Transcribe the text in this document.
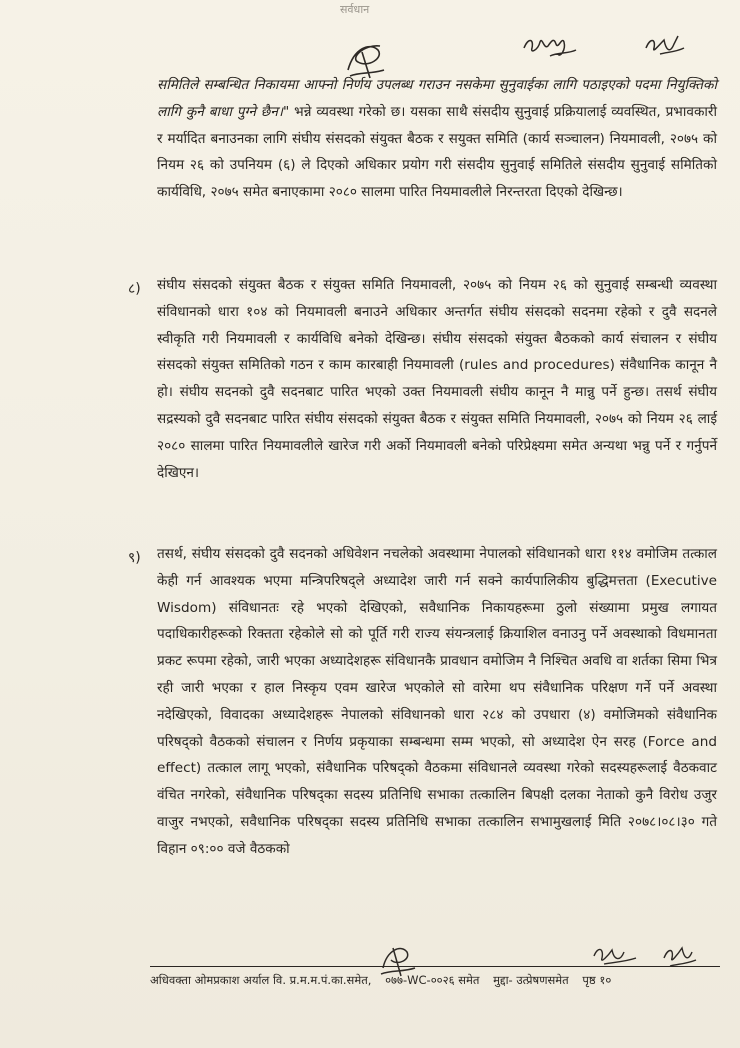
सर्वधान
समितिले सम्बन्धित निकायमा आफ्नो निर्णय उपलब्ध गराउन नसकेमा सुनुवाईका लागि पठाइएको पदमा नियुक्तिको लागि कुनै बाधा पुग्ने छैन।" भन्ने व्यवस्था गरेको छ। यसका साथै संसदीय सुनुवाई प्रक्रियालाई व्यवस्थित, प्रभावकारी र मर्यादित बनाउनका लागि संघीय संसदको संयुक्त बैठक र सयुक्त समिति (कार्य सञ्चालन) नियमावली, २०७५ को नियम २६ को उपनियम (६) ले दिएको अधिकार प्रयोग गरी संसदीय सुनुवाई समितिले संसदीय सुनुवाई समितिको कार्यविधि, २०७५ समेत बनाएकामा २०८० सालमा पारित नियमावलीले निरन्तरता दिएको देखिन्छ।
८) संघीय संसदको संयुक्त बैठक र संयुक्त समिति नियमावली, २०७५ को नियम २६ को सुनुवाई सम्बन्धी व्यवस्था संविधानको धारा १०४ को नियमावली बनाउने अधिकार अन्तर्गत संघीय संसदको सदनमा रहेको र दुवै सदनले स्वीकृति गरी नियमावली र कार्यविधि बनेको देखिन्छ। संघीय संसदको संयुक्त बैठकको कार्य संचालन र संघीय संसदको संयुक्त समितिको गठन र काम कारबाही नियमावली (rules and procedures) संवैधानिक कानून नै हो। संघीय सदनको दुवै सदनबाट पारित भएको उक्त नियमावली संघीय कानून नै मान्नु पर्ने हुन्छ। तसर्थ संघीय सद्रस्यको दुवै सदनबाट पारित संघीय संसदको संयुक्त बैठक र संयुक्त समिति नियमावली, २०७५ को नियम २६ लाई २०८० सालमा पारित नियमावलीले खारेज गरी अर्को नियमावली बनेको परिप्रेक्ष्यमा समेत अन्यथा भन्नु पर्ने र गर्नुपर्ने देखिएन।
९) तसर्थ, संघीय संसदको दुवै सदनको अधिवेशन नचलेको अवस्थामा नेपालको संविधानको धारा ११४ वमोजिम तत्काल केही गर्न आवश्यक भएमा मन्त्रिपरिषद्ले अध्यादेश जारी गर्न सक्ने कार्यपालिकीय बुद्धिमत्तता (Executive Wisdom) संविधानतः रहे भएको देखिएको, सवैधानिक निकायहरूमा ठुलो संख्यामा प्रमुख लगायत पदाधिकारीहरूको रिक्तता रहेकोले सो को पूर्ति गरी राज्य संयन्त्रलाई क्रियाशिल वनाउनु पर्ने अवस्थाको विधमानता प्रकट रूपमा रहेको, जारी भएका अध्यादेशहरू संविधानकै प्रावधान वमोजिम नै निश्चित अवधि वा शर्तका सिमा भित्र रही जारी भएका र हाल निस्कृय एवम खारेज भएकोले सो वारेमा थप संवैधानिक परिक्षण गर्ने पर्ने अवस्था नदेखिएको, विवादका अध्यादेशहरू नेपालको संविधानको धारा २८४ को उपधारा (४) वमोजिमको संवैधानिक परिषद्को वैठकको संचालन र निर्णय प्रकृयाका सम्बन्धमा सम्म भएको, सो अध्यादेश ऐन सरह (Force and effect) तत्काल लागू भएको, संवैधानिक परिषद्को वैठकमा संविधानले व्यवस्था गरेको सदस्यहरूलाई वैठकवाट वंचित नगरेको, संवैधानिक परिषद्का सदस्य प्रतिनिधि सभाका तत्कालिन बिपक्षी दलका नेताको कुनै विरोध उजुर वाजुर नभएको, सवैधानिक परिषद्का सदस्य प्रतिनिधि सभाका तत्कालिन सभामुखलाई मिति २०७८।०८।३० गते विहान ०९:०० वजे वैठकको
अधिवक्ता ओमप्रकाश अर्याल वि. प्र.म.म.पं.का.समेत, ०७७-WC-००२६ समेत मुद्दा- उत्प्रेषणसमेत पृष्ठ १०
